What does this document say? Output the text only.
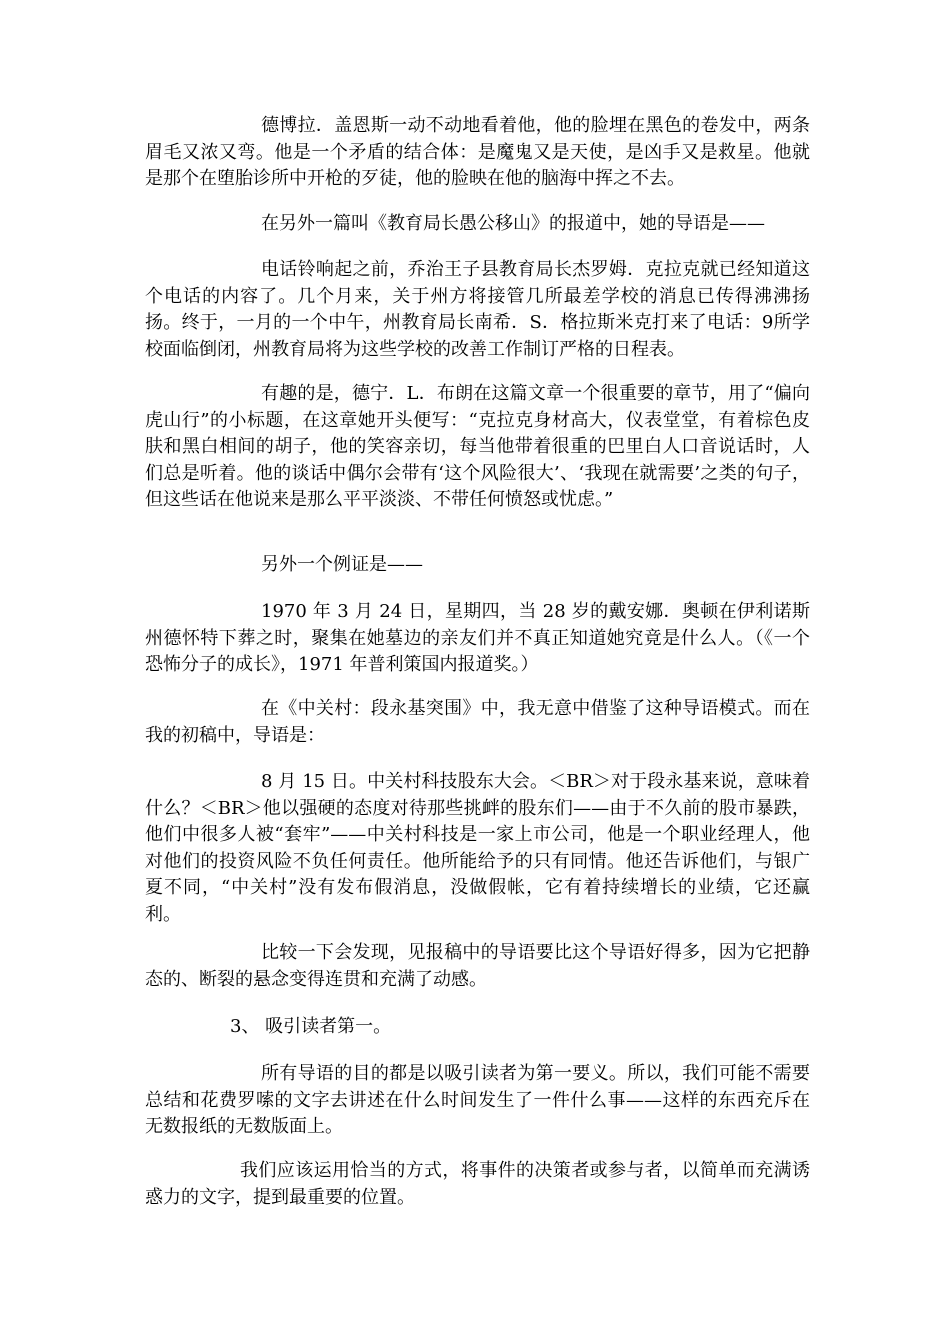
德博拉．盖恩斯一动不动地看着他，他的脸埋在黑色的卷发中，两条眉毛又浓又弯。他是一个矛盾的结合体：是魔鬼又是天使，是凶手又是救星。他就是那个在堕胎诊所中开枪的歹徒，他的脸映在他的脑海中挥之不去。

在另外一篇叫《教育局长愚公移山》的报道中，她的导语是——

电话铃响起之前，乔治王子县教育局长杰罗姆．克拉克就已经知道这个电话的内容了。几个月来，关于州方将接管几所最差学校的消息已传得沸沸扬扬。终于，一月的一个中午，州教育局长南希．S．格拉斯米克打来了电话：9所学校面临倒闭，州教育局将为这些学校的改善工作制订严格的日程表。

有趣的是，德宁．L．布朗在这篇文章一个很重要的章节，用了“偏向虎山行”的小标题，在这章她开头便写：“克拉克身材高大，仪表堂堂，有着棕色皮肤和黑白相间的胡子，他的笑容亲切，每当他带着很重的巴里白人口音说话时，人们总是听着。他的谈话中偶尔会带有‘这个风险很大’、‘我现在就需要’之类的句子，但这些话在他说来是那么平平淡淡、不带任何愤怒或忧虑。”

另外一个例证是——

1970 年 3 月 24 日，星期四，当 28 岁的戴安娜．奥顿在伊利诺斯州德怀特下葬之时，聚集在她墓边的亲友们并不真正知道她究竟是什么人。（《一个恐怖分子的成长》，1971 年普利策国内报道奖。）

在《中关村：段永基突围》中，我无意中借鉴了这种导语模式。而在我的初稿中，导语是：

8 月 15 日。中关村科技股东大会。＜BR＞对于段永基来说，意味着什么？＜BR＞他以强硬的态度对待那些挑衅的股东们——由于不久前的股市暴跌，他们中很多人被“套牢”——中关村科技是一家上市公司，他是一个职业经理人，他对他们的投资风险不负任何责任。他所能给予的只有同情。他还告诉他们，与银广夏不同，“中关村”没有发布假消息，没做假帐，它有着持续增长的业绩，它还赢利。

比较一下会发现，见报稿中的导语要比这个导语好得多，因为它把静态的、断裂的悬念变得连贯和充满了动感。

3、 吸引读者第一。

所有导语的目的都是以吸引读者为第一要义。所以，我们可能不需要总结和花费罗嗦的文字去讲述在什么时间发生了一件什么事——这样的东西充斥在无数报纸的无数版面上。

我们应该运用恰当的方式，将事件的决策者或参与者，以简单而充满诱惑力的文字，提到最重要的位置。
